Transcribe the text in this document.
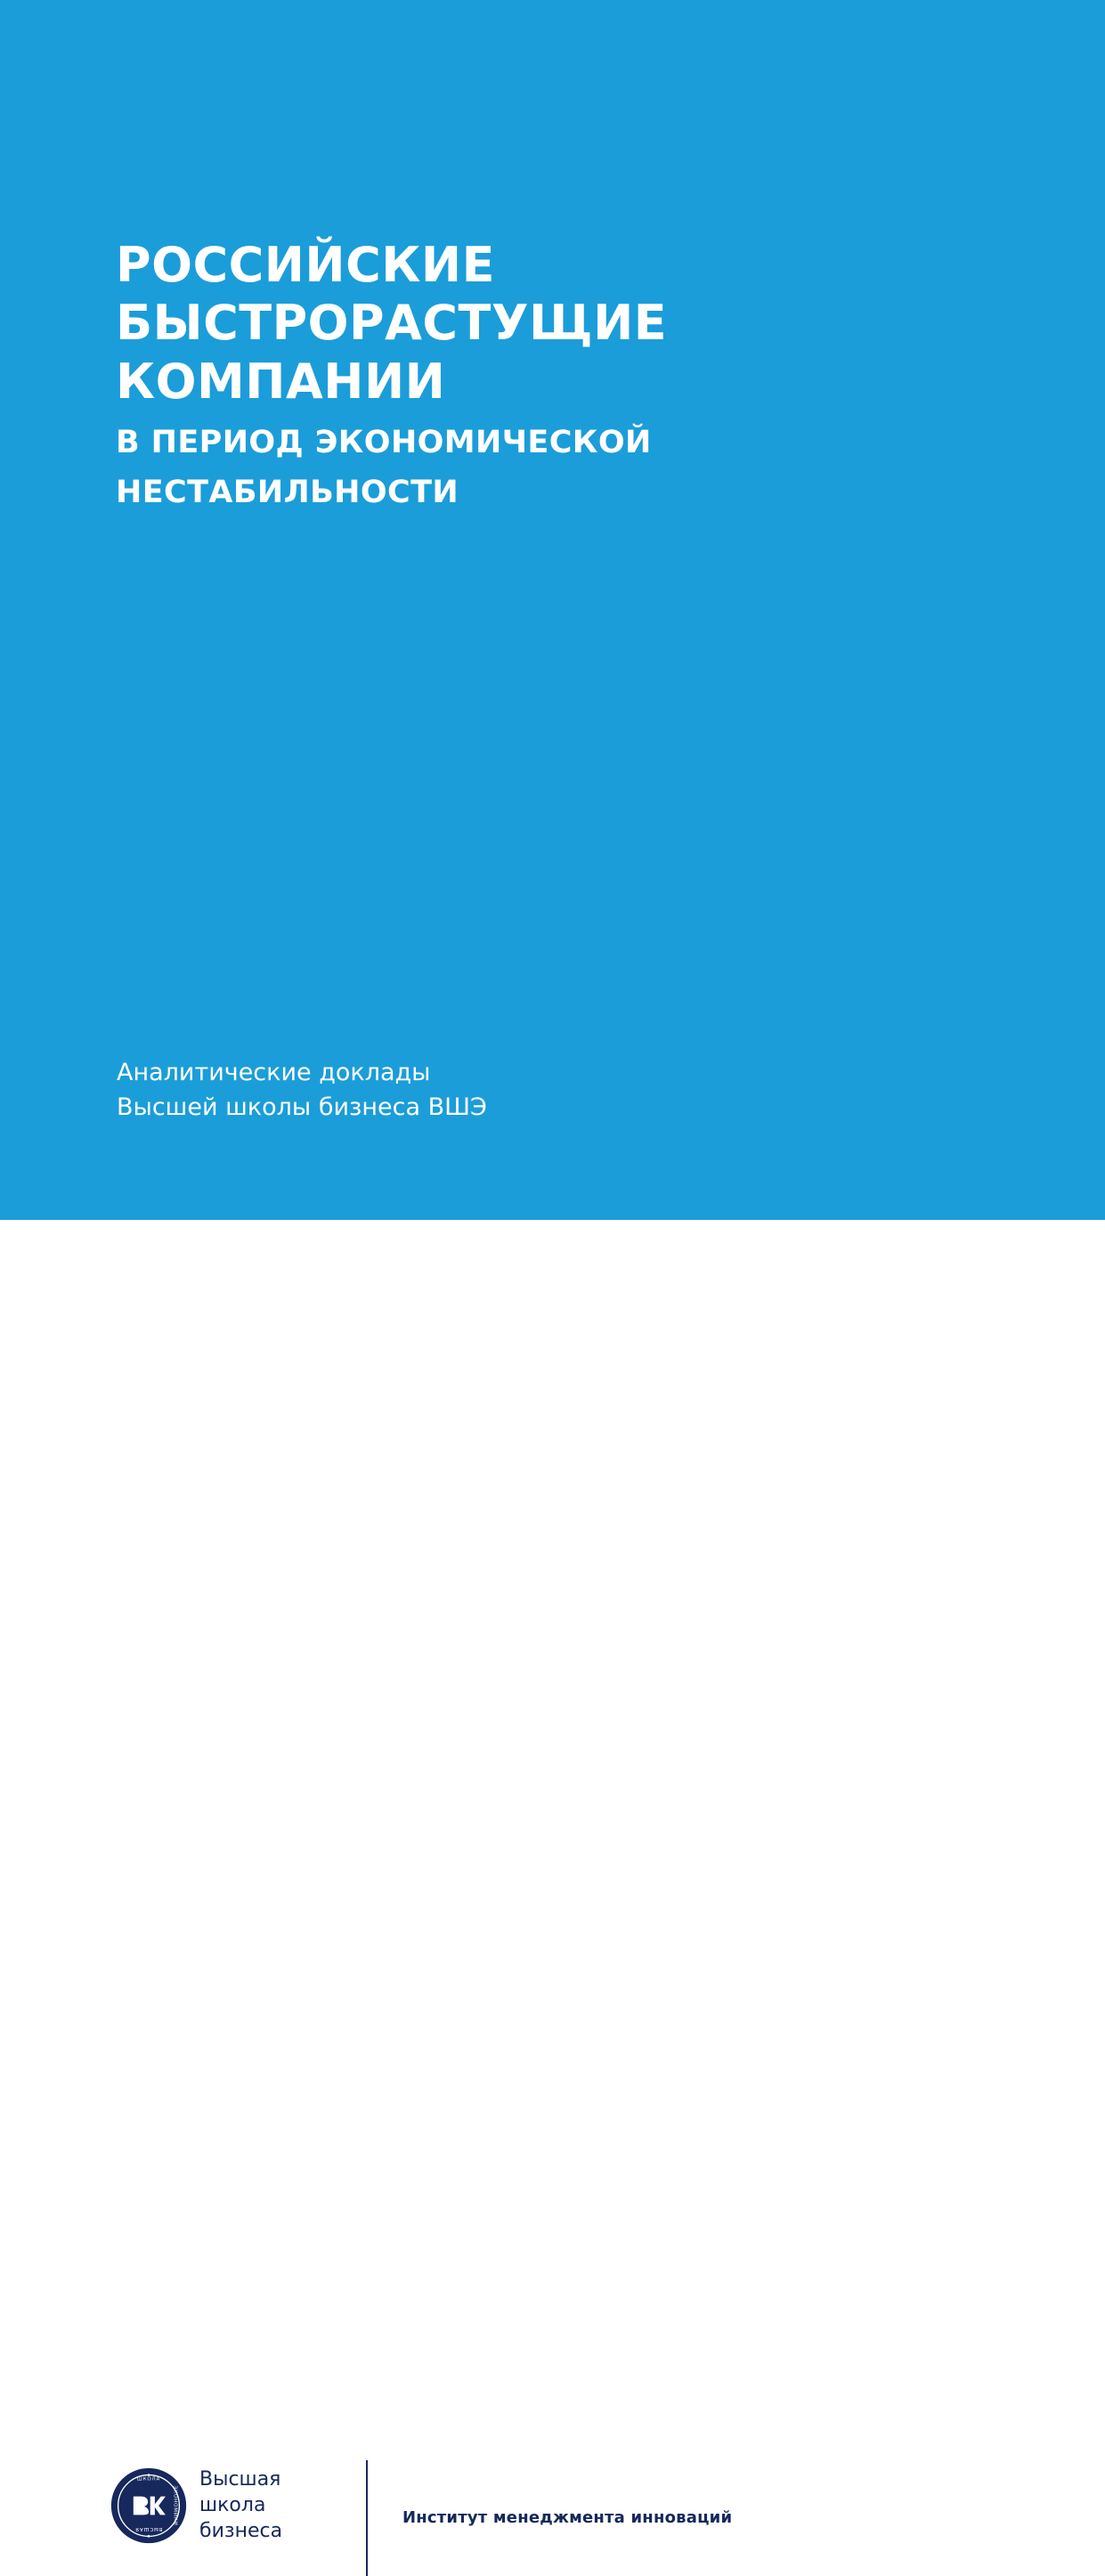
РОССИЙСКИЕ
БЫСТРОРАСТУЩИЕ
КОМПАНИИ
В ПЕРИОД ЭКОНОМИЧЕСКОЙ
НЕСТАБИЛЬНОСТИ
Аналитические доклады
Высшей школы бизнеса ВШЭ
ШКОЛА
ВЫСШАЯ
ЭКОНОМИКИ
Высшая
школа
бизнеса
Институт менеджмента инноваций
